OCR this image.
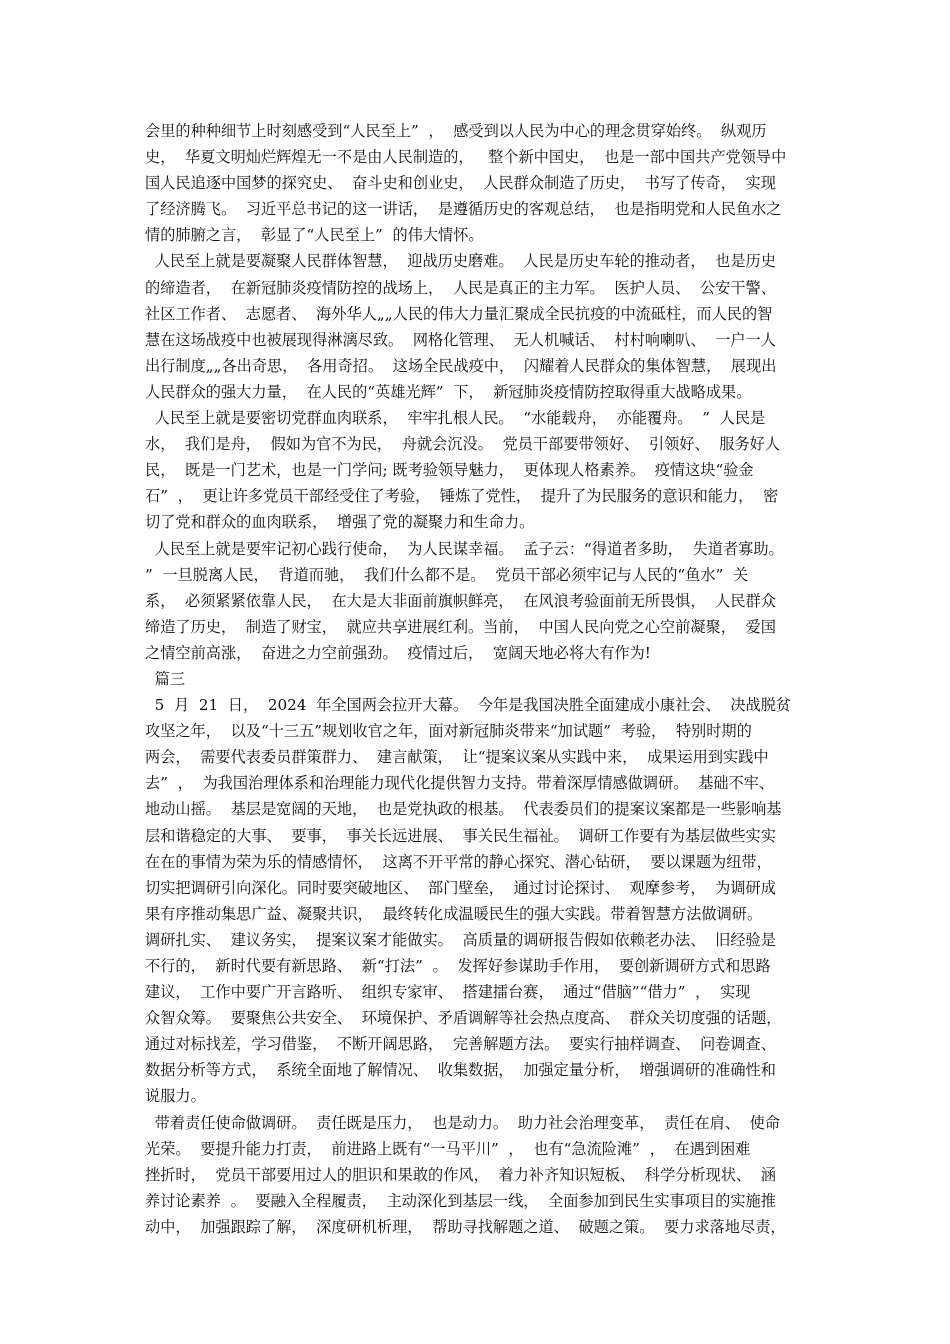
会里的种种细节上时刻感受到“人民至上”  ，  感受到以人民为中心的理念贯穿始终。  纵观历
史，  华夏文明灿烂辉煌无一不是由人民制造的，   整个新中国史，  也是一部中国共产党领导中
国人民追逐中国梦的探究史、  奋斗史和创业史，  人民群众制造了历史，  书写了传奇，  实现
了经济腾飞。  习近平总书记的这一讲话，  是遵循历史的客观总结，  也是指明党和人民鱼水之
情的肺腑之言，  彰显了“人民至上”  的伟大情怀。
人民至上就是要凝聚人民群体智慧，  迎战历史磨难。  人民是历史车轮的推动者，  也是历史
的缔造者，  在新冠肺炎疫情防控的战场上，  人民是真正的主力军。  医护人员、  公安干警、
社区工作者、  志愿者、  海外华人„„人民的伟大力量汇聚成全民抗疫的中流砥柱，而人民的智
慧在这场战疫中也被展现得淋漓尽致。  网格化管理、  无人机喊话、  村村响喇叭、  一户一人
出行制度„„各出奇思，  各用奇招。  这场全民战疫中，  闪耀着人民群众的集体智慧，  展现出
人民群众的强大力量，  在人民的“英雄光辉”  下，  新冠肺炎疫情防控取得重大战略成果。
人民至上就是要密切党群血肉联系，  牢牢扎根人民。  “水能载舟，  亦能覆舟。  ”  人民是
水，  我们是舟，  假如为官不为民，  舟就会沉没。  党员干部要带领好、  引领好、  服务好人
民，  既是一门艺术，也是一门学问; 既考验领导魅力，  更体现人格素养。  疫情这块“验金
石”  ，  更让许多党员干部经受住了考验，  锤炼了党性，  提升了为民服务的意识和能力，  密
切了党和群众的血肉联系，  增强了党的凝聚力和生命力。
人民至上就是要牢记初心践行使命，  为人民谋幸福。  孟子云：“得道者多助，  失道者寡助。
”  一旦脱离人民，  背道而驰，  我们什么都不是。  党员干部必须牢记与人民的“鱼水”  关
系，  必须紧紧依靠人民，  在大是大非面前旗帜鲜亮，  在风浪考验面前无所畏惧，  人民群众
缔造了历史，  制造了财宝，  就应共享进展红利。当前，  中国人民向党之心空前凝聚，  爱国
之情空前高涨，  奋进之力空前强劲。  疫情过后，  宽阔天地必将大有作为!
篇三
5  月  21  日，  2024  年全国两会拉开大幕。  今年是我国决胜全面建成小康社会、  决战脱贫
攻坚之年，  以及“十三五”规划收官之年，面对新冠肺炎带来“加试题”  考验，  特别时期的
两会，  需要代表委员群策群力、  建言献策，  让“提案议案从实践中来，  成果运用到实践中
去”  ，  为我国治理体系和治理能力现代化提供智力支持。带着深厚情感做调研。  基础不牢、
地动山摇。  基层是宽阔的天地，  也是党执政的根基。  代表委员们的提案议案都是一些影响基
层和谐稳定的大事、  要事，  事关长远进展、  事关民生福祉。  调研工作要有为基层做些实实
在在的事情为荣为乐的情感情怀，  这离不开平常的静心探究、潜心钻研，  要以课题为纽带，
切实把调研引向深化。同时要突破地区、  部门壁垒，  通过讨论探讨、  观摩参考，  为调研成
果有序推动集思广益、凝聚共识，  最终转化成温暖民生的强大实践。带着智慧方法做调研。
调研扎实、  建议务实，  提案议案才能做实。  高质量的调研报告假如依赖老办法、  旧经验是
不行的，  新时代要有新思路、  新“打法”  。  发挥好参谋助手作用，  要创新调研方式和思路
建议，  工作中要广开言路听、  组织专家审、  搭建擂台赛，  通过“借脑”“借力”  ，  实现
众智众筹。  要聚焦公共安全、  环境保护、矛盾调解等社会热点度高、  群众关切度强的话题，
通过对标找差，学习借鉴，  不断开阔思路，  完善解题方法。  要实行抽样调查、  问卷调查、
数据分析等方式，  系统全面地了解情况、  收集数据，  加强定量分析，  增强调研的准确性和
说服力。
带着责任使命做调研。  责任既是压力，  也是动力。  助力社会治理变革，  责任在肩、  使命
光荣。  要提升能力打责，  前进路上既有“一马平川”  ，  也有“急流险滩”  ，  在遇到困难
挫折时，  党员干部要用过人的胆识和果敢的作风，  着力补齐知识短板、  科学分析现状、  涵
养讨论素养  。  要融入全程履责，  主动深化到基层一线，  全面参加到民生实事项目的实施推
动中，  加强跟踪了解，  深度研机析理，  帮助寻找解题之道、  破题之策。  要力求落地尽责，
